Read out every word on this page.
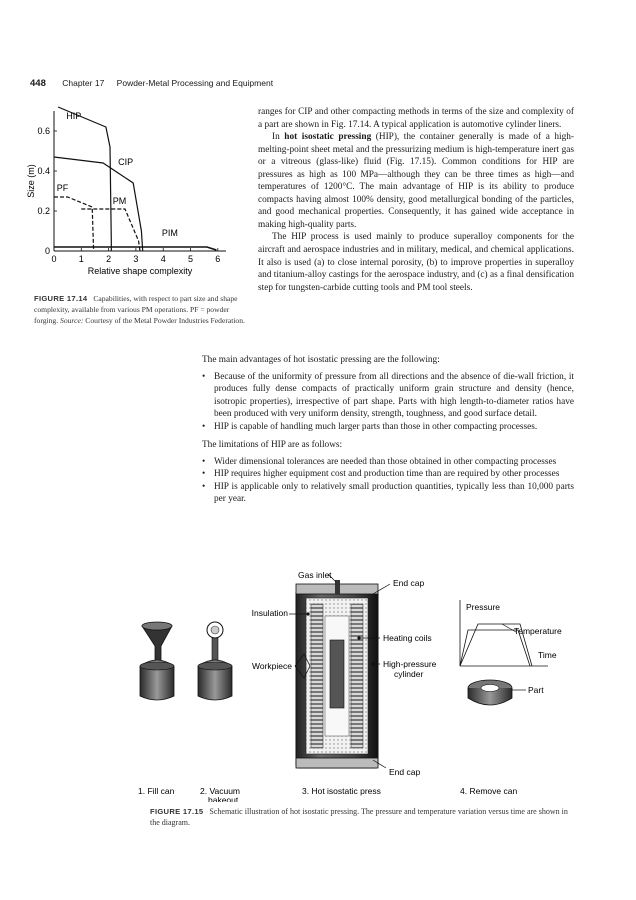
448 Chapter 17 Powder-Metal Processing and Equipment
0 1 2 3 4 5 6
0
0.2
0.4
0.6
HIP
CIP
PF
PM
PIM
Relative shape complexity
Size (m)
FIGURE 17.14 Capabilities, with respect to part size and shape complexity, available from various PM operations. PF = powder forging. Source: Courtesy of the Metal Powder Industries Federation.

ranges for CIP and other compacting methods in terms of the size and complexity of a part are shown in Fig. 17.14. A typical application is automotive cylinder liners.

In hot isostatic pressing (HIP), the container generally is made of a high-melting-point sheet metal and the pressurizing medium is high-temperature inert gas or a vitreous (glass-like) fluid (Fig. 17.15). Common conditions for HIP are pressures as high as 100 MPa—although they can be three times as high—and temperatures of 1200°C. The main advantage of HIP is its ability to produce compacts having almost 100% density, good metallurgical bonding of the particles, and good mechanical properties. Consequently, it has gained wide acceptance in making high-quality parts.

The HIP process is used mainly to produce superalloy components for the aircraft and aerospace industries and in military, medical, and chemical applications. It also is used (a) to close internal porosity, (b) to improve properties in superalloy and titanium-alloy castings for the aerospace industry, and (c) as a final densification step for tungsten-carbide cutting tools and PM tool steels.

The main advantages of hot isostatic pressing are the following:

• Because of the uniformity of pressure from all directions and the absence of die-wall friction, it produces fully dense compacts of practically uniform grain structure and density (hence, isotropic properties), irrespective of part shape. Parts with high length-to-diameter ratios have been produced with very uniform density, strength, toughness, and good surface detail.
• HIP is capable of handling much larger parts than those in other compacting processes.

The limitations of HIP are as follows:

• Wider dimensional tolerances are needed than those obtained in other compacting processes
• HIP requires higher equipment cost and production time than are required by other processes
• HIP is applicable only to relatively small production quantities, typically less than 10,000 parts per year.
Gas inlet
End cap
Insulation
Heating coils
Workpiece	High-pressure
cylinder
End cap
Pressure
Temperature
Time
Part
1. Fill can	2. Vacuum
bakeout
3. Hot isostatic press	4. Remove can
FIGURE 17.15 Schematic illustration of hot isostatic pressing. The pressure and temperature variation versus time are shown in the diagram.
